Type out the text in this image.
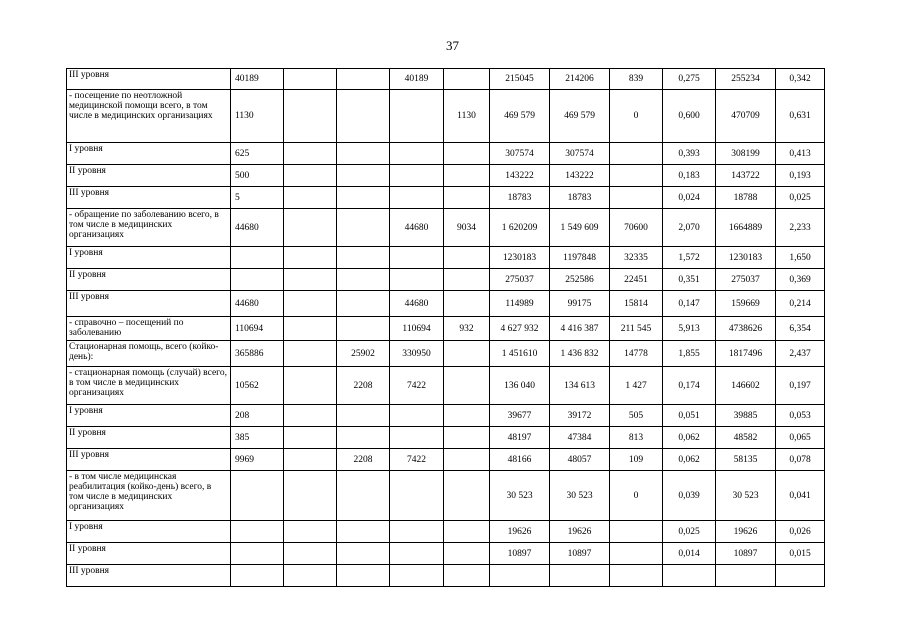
37
III уровня	40189			40189		215045	214206	839	0,275	255234	0,342
- посещение по неотложной медицинской помощи всего, в том числе в медицинских организациях	1130				1130	469 579	469 579	0	0,600	470709	0,631
I уровня	625					307574	307574		0,393	308199	0,413
II уровня	500					143222	143222		0,183	143722	0,193
III уровня	5					18783	18783		0,024	18788	0,025
- обращение по заболеванию всего, в том числе в медицинских организациях	44680			44680	9034	1 620209	1 549 609	70600	2,070	1664889	2,233
I уровня						1230183	1197848	32335	1,572	1230183	1,650
II уровня						275037	252586	22451	0,351	275037	0,369
III уровня	44680			44680		114989	99175	15814	0,147	159669	0,214
- справочно – посещений по заболеванию	110694			110694	932	4 627 932	4 416 387	211 545	5,913	4738626	6,354
Стационарная помощь, всего (койко-день):	365886		25902	330950		1 451610	1 436 832	14778	1,855	1817496	2,437
- стационарная помощь (случай) всего, в том числе в медицинских организациях	10562		2208	7422		136 040	134 613	1 427	0,174	146602	0,197
I уровня	208					39677	39172	505	0,051	39885	0,053
II уровня	385					48197	47384	813	0,062	48582	0,065
III уровня	9969		2208	7422		48166	48057	109	0,062	58135	0,078
- в том числе медицинская реабилитация (койко-день) всего, в том числе в медицинских организациях						30 523	30 523	0	0,039	30 523	0,041
I уровня						19626	19626		0,025	19626	0,026
II уровня						10897	10897		0,014	10897	0,015
III уровня											
